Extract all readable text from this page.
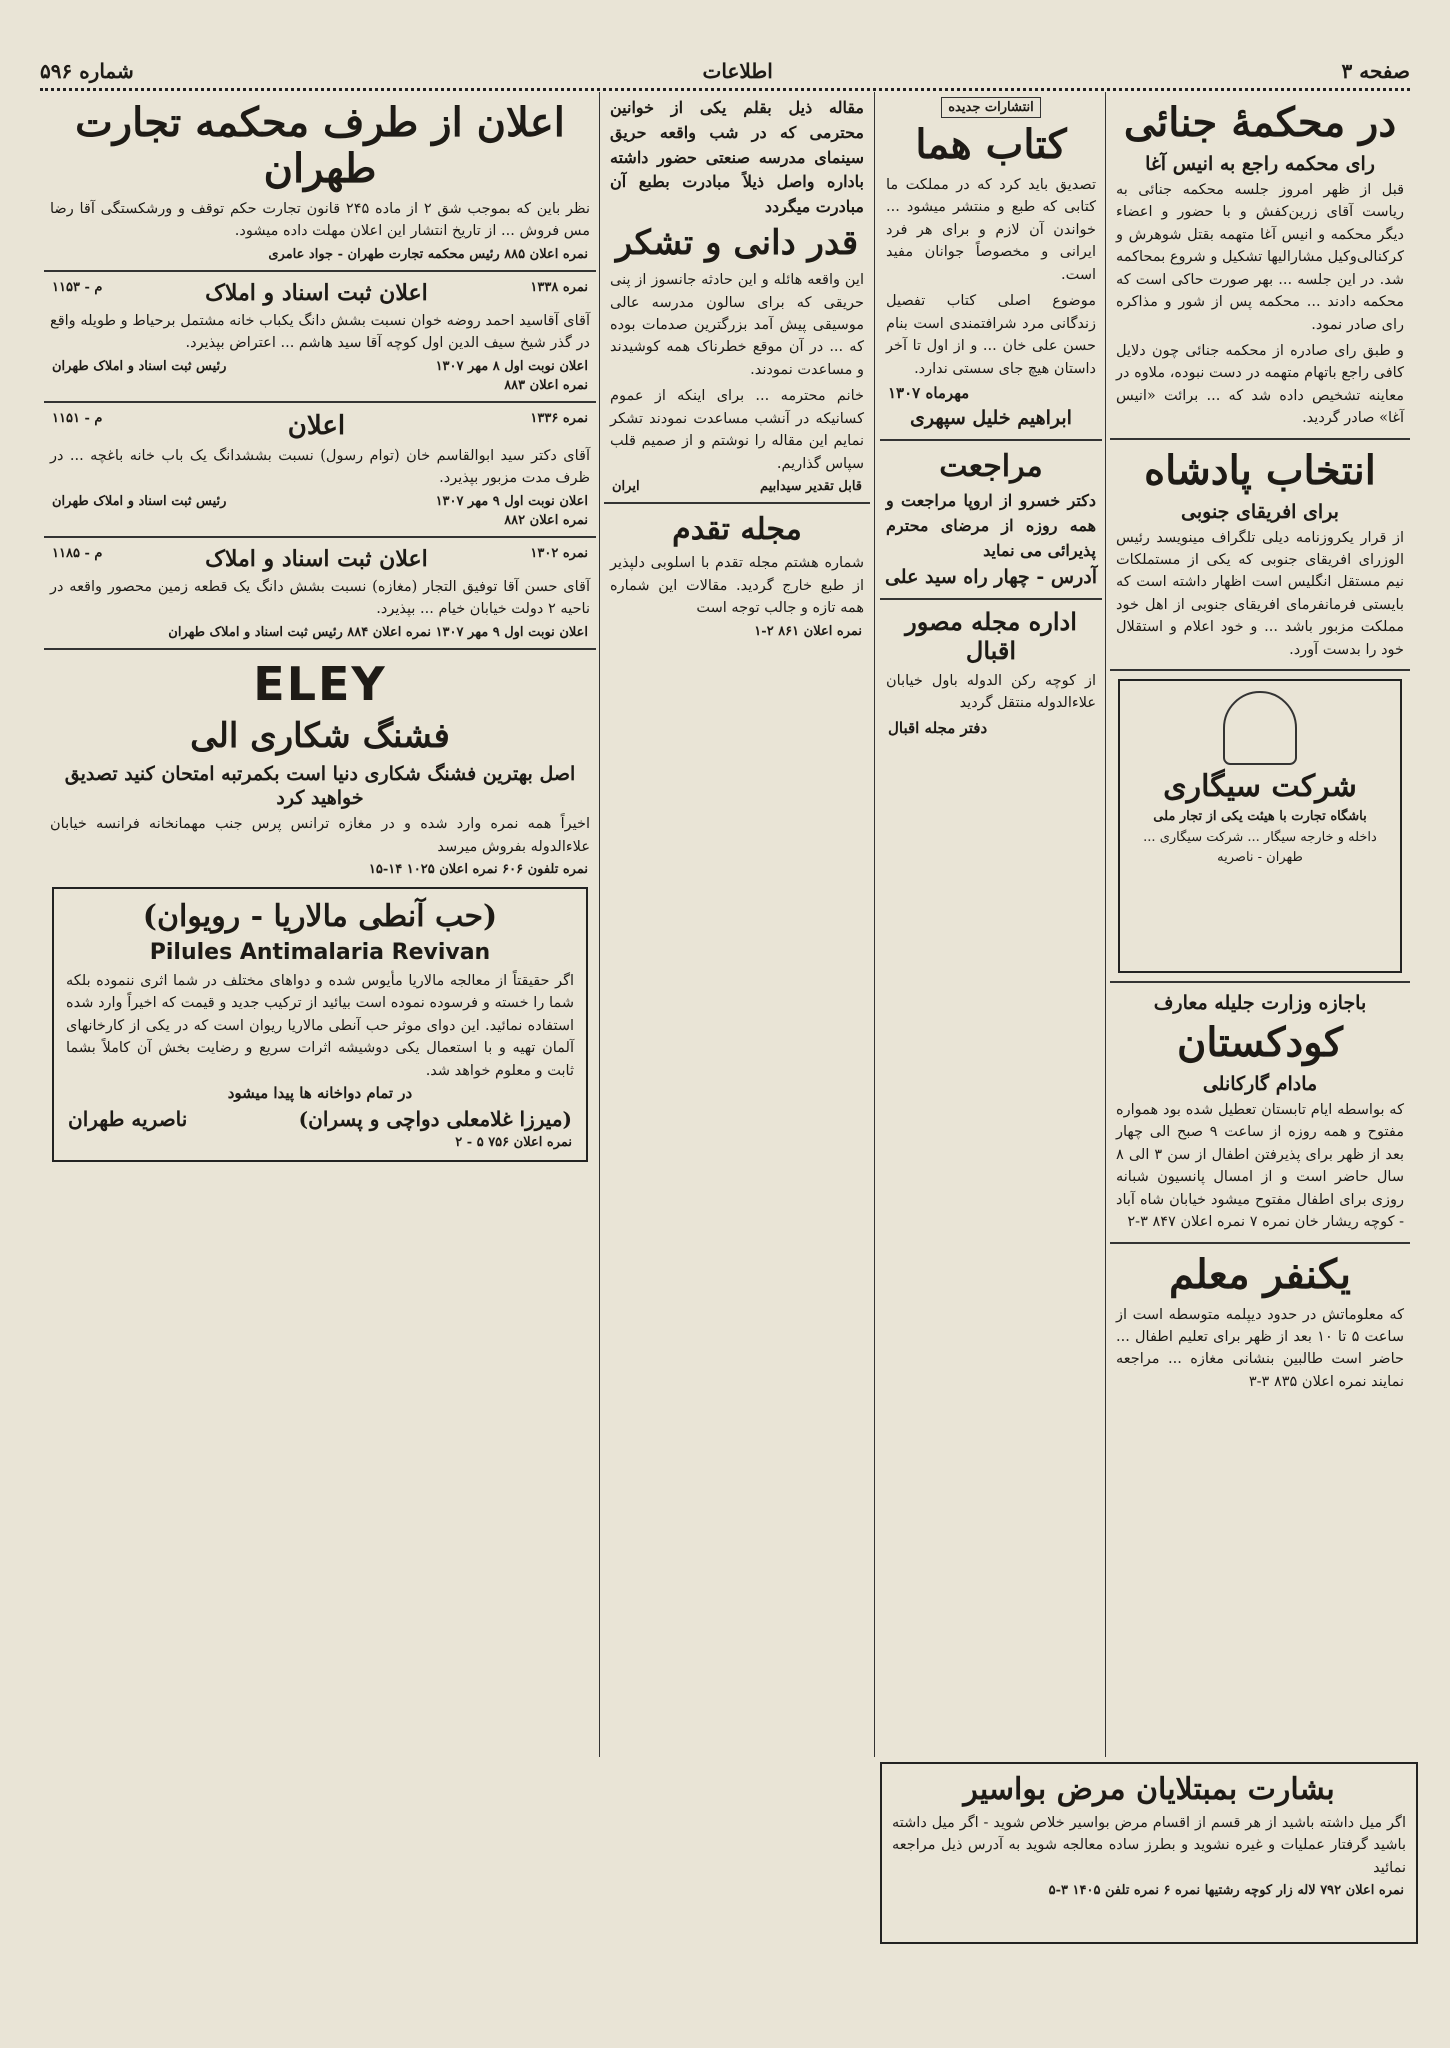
صفحه ۳
اطلاعات
شماره ۵۹۶
در محکمهٔ جنائی
رای محکمه راجع به انیس آغا

قبل از ظهر امروز جلسه محکمه جنائی به ریاست آقای زرین‌کفش و با حضور و اعضاء دیگر محکمه و انیس آغا متهمه بقتل شوهرش و کرکنالی‌وکیل مشارالیها تشکیل و شروع بمحاکمه شد. در این جلسه ... بهر صورت حاکی است که محکمه دادند ... محکمه پس از شور و مذاکره رای صادر نمود.

و طبق رای صادره از محکمه جنائی چون دلایل کافی راجع باتهام متهمه در دست نبوده، ملاوه در معاینه تشخیص داده شد که ... برائت «انیس آغا» صادر گردید.

انتخاب پادشاه
برای افریقای جنوبی

از قرار یکروزنامه دیلی تلگراف مینویسد رئیس الوزرای افریقای جنوبی که یکی از مستملکات نیم مستقل انگلیس است اظهار داشته است که بایستی فرمانفرمای افریقای جنوبی از اهل خود مملکت مزبور باشد ... و خود اعلام و استقلال خود را بدست آورد.

شرکت سیگاری
باشگاه تجارت با هیئت یکی از تجار ملی
داخله و خارجه سیگار ... شرکت سیگاری ... طهران - ناصریه
باجازه وزارت جلیله معارف
کودکستان
مادام گارکانلی
که بواسطه ایام تابستان تعطیل شده بود همواره مفتوح و همه روزه از ساعت ۹ صبح الی چهار بعد از ظهر برای پذیرفتن اطفال از سن ۳ الی ۸ سال حاضر است و از امسال پانسیون شبانه روزی برای اطفال مفتوح میشود خیابان شاه آباد - کوچه ریشار خان نمره ۷ نمره اعلان ۸۴۷ ۳-۲
یکنفر معلم
که معلوماتش در حدود دیپلمه متوسطه است از ساعت ۵ تا ۱۰ بعد از ظهر برای تعلیم اطفال ... حاضر است طالبین بنشانی مغازه ... مراجعه نمایند نمره اعلان ۸۳۵ ۳-۳
انتشارات جدیده
کتاب هما

تصدیق باید کرد که در مملکت ما کتابی که طبع و منتشر میشود ... خواندن آن لازم و برای هر فرد ایرانی و مخصوصاً جوانان مفید است.

موضوع اصلی کتاب تفصیل زندگانی مرد شرافتمندی است بنام حسن علی خان ... و از اول تا آخر داستان هیچ جای سستی ندارد.

مهرماه ۱۳۰۷
ابراهیم خلیل سپهری
مراجعت
دکتر خسرو از اروپا مراجعت و همه روزه از مرضای محترم پذیرائی می نماید
آدرس - چهار راه سید علی
اداره مجله مصور اقبال
از کوچه رکن الدوله باول خیابان علاءالدوله منتقل گردید
دفتر مجله اقبال
مقاله ذیل بقلم یکی از خوانین محترمی که در شب واقعه حریق سینمای مدرسه صنعتی حضور داشته باداره واصل ذیلاً مبادرت بطبع آن مبادرت میگردد
قدر دانی و تشکر

این واقعه هائله و این حادثه جانسوز از پنی حریقی که برای سالون مدرسه عالی موسیقی پیش آمد بزرگترین صدمات بوده که ... در آن موقع خطرناک همه کوشیدند و مساعدت نمودند.

خانم محترمه ... برای اینکه از عموم کسانیکه در آنشب مساعدت نمودند تشکر نمایم این مقاله را نوشتم و از صمیم قلب سپاس گذاریم.

قابل تقدیر سیدابیم
ایران
مجله تقدم
شماره هشتم مجله تقدم با اسلوبی دلپذیر از طبع خارج گردید. مقالات این شماره همه تازه و جالب توجه است
نمره اعلان ۸۶۱ ۲-۱
اعلان از طرف محکمه تجارت طهران
نظر باین که بموجب شق ۲ از ماده ۲۴۵ قانون تجارت حکم توقف و ورشکستگی آقا رضا مس فروش ... از تاریخ انتشار این اعلان مهلت داده میشود.
نمره اعلان ۸۸۵ رئیس محکمه تجارت طهران - جواد عامری
نمره ۱۳۳۸
اعلان ثبت اسناد و املاک
م - ۱۱۵۳
آقای آقاسید احمد روضه خوان نسبت بشش دانگ یکباب خانه مشتمل برحیاط و طویله واقع در گذر شیخ سیف الدین اول کوچه آقا سید هاشم ... اعتراض بپذیرد.
اعلان نوبت اول ۸ مهر ۱۳۰۷
رئیس ثبت اسناد و املاک طهران
نمره اعلان ۸۸۳
نمره ۱۳۳۶
اعلان
م - ۱۱۵۱
آقای دکتر سید ابوالقاسم خان (توام رسول) نسبت بششدانگ یک باب خانه باغچه ... در ظرف مدت مزبور بپذیرد.
اعلان نوبت اول ۹ مهر ۱۳۰۷
رئیس ثبت اسناد و املاک طهران
نمره اعلان ۸۸۲
نمره ۱۳۰۲
اعلان ثبت اسناد و املاک
م - ۱۱۸۵
آقای حسن آقا توفیق التجار (مغازه) نسبت بشش دانگ یک قطعه زمین محصور واقعه در ناحیه ۲ دولت خیابان خیام ... بپذیرد.
اعلان نوبت اول ۹ مهر ۱۳۰۷ نمره اعلان ۸۸۴ رئیس ثبت اسناد و املاک طهران
ELEY
فشنگ شکاری الی
اصل بهترین فشنگ شکاری دنیا است بکمرتبه امتحان کنید تصدیق خواهید کرد
اخیراً همه نمره وارد شده و در مغازه ترانس پرس جنب مهمانخانه فرانسه خیابان علاءالدوله بفروش میرسد
نمره تلفون ۶۰۶ نمره اعلان ۱۰۲۵ ۱۴-۱۵
(حب آنطی مالاریا - رویوان)
Pilules Antimalaria Revivan
اگر حقیقتاً از معالجه مالاریا مأیوس شده و دواهای مختلف در شما اثری ننموده بلکه شما را خسته و فرسوده نموده است بیائید از ترکیب جدید و قیمت که اخیراً وارد شده استفاده نمائید. این دوای موثر حب آنطی مالاریا ریوان است که در یکی از کارخانهای آلمان تهیه و با استعمال یکی دوشیشه اثرات سریع و رضایت بخش آن کاملاً بشما ثابت و معلوم خواهد شد.
در تمام دواخانه ها پیدا میشود
(میرزا غلامعلی دواچی و پسران)
ناصریه طهران
نمره اعلان ۷۵۶ ۵ - ۲
بشارت بمبتلایان مرض بواسیر
اگر میل داشته باشید از هر قسم از اقسام مرض بواسیر خلاص شوید - اگر میل داشته باشید گرفتار عملیات و غیره نشوید و بطرز ساده معالجه شوید به آدرس ذیل مراجعه نمائید
نمره اعلان ۷۹۲ لاله زار کوچه رشتیها نمره ۶ نمره تلفن ۱۴۰۵ ۳-۵
